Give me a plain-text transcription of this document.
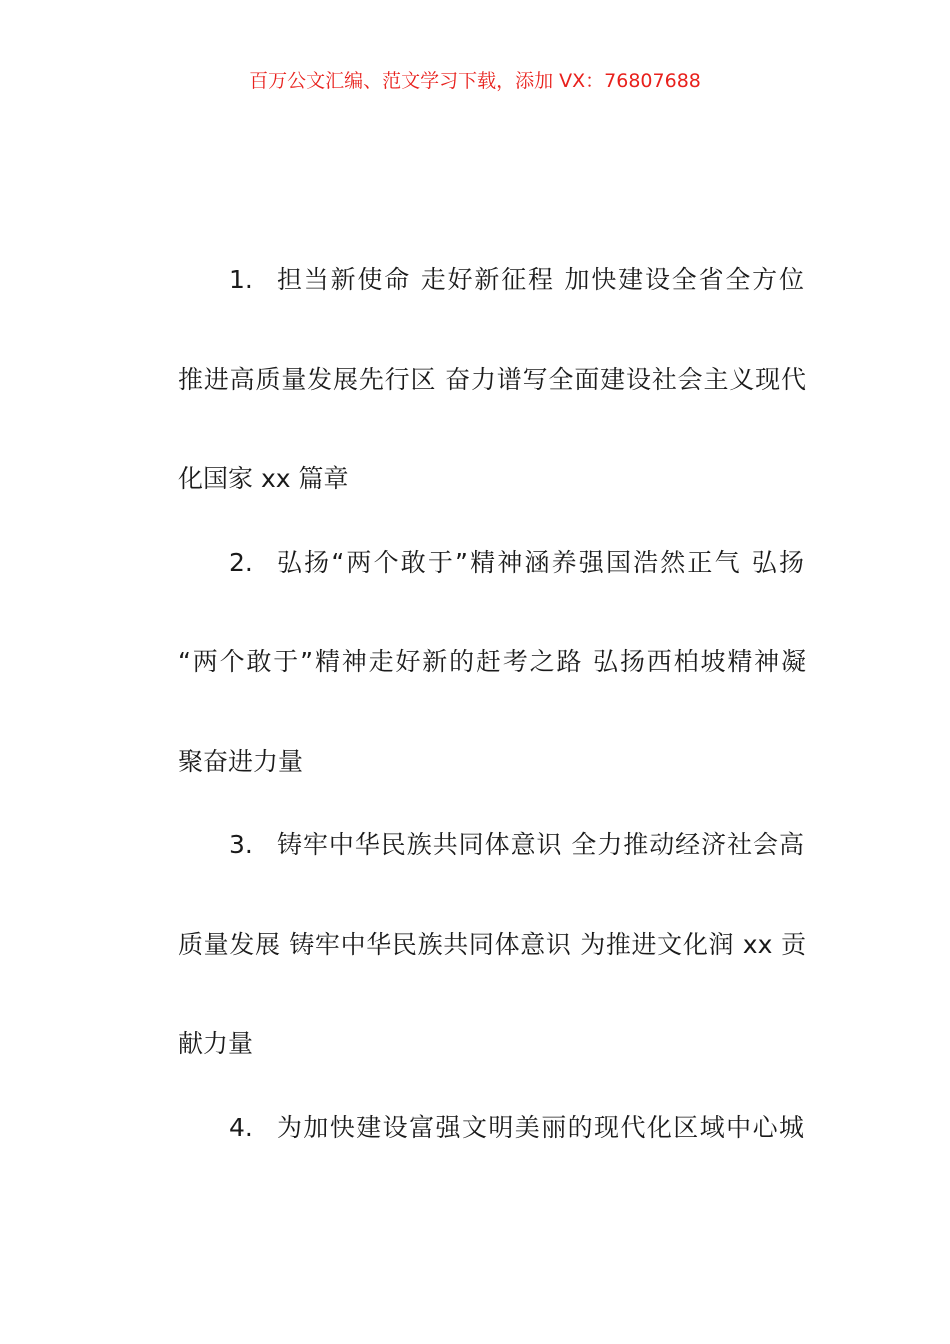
百万公文汇编、范文学习下载，添加 VX：76807688
1. 担当新使命 走好新征程 加快建设全省全方位
推进高质量发展先行区 奋力谱写全面建设社会主义现代
化国家 xx 篇章
2. 弘扬“两个敢于”精神涵养强国浩然正气 弘扬
“两个敢于”精神走好新的赶考之路 弘扬西柏坡精神凝
聚奋进力量
3. 铸牢中华民族共同体意识 全力推动经济社会高
质量发展 铸牢中华民族共同体意识 为推进文化润 xx 贡
献力量
4. 为加快建设富强文明美丽的现代化区域中心城
